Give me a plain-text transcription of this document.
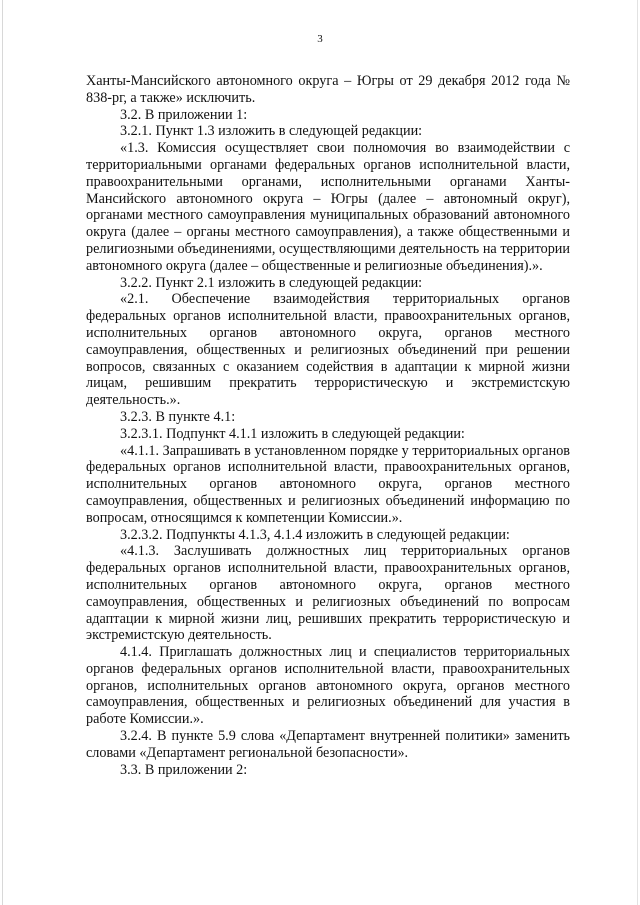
3

Ханты-Мансийского автономного округа – Югры от 29 декабря 2012 года № 838-рг, а также» исключить.

3.2. В приложении 1:

3.2.1. Пункт 1.3 изложить в следующей редакции:

«1.3. Комиссия осуществляет свои полномочия во взаимодействии с территориальными органами федеральных органов исполнительной власти, правоохранительными органами, исполнительными органами Ханты-Мансийского автономного округа – Югры (далее – автономный округ), органами местного самоуправления муниципальных образований автономного округа (далее – органы местного самоуправления), а также общественными и религиозными объединениями, осуществляющими деятельность на территории автономного округа (далее – общественные и религиозные объединения).».

3.2.2. Пункт 2.1 изложить в следующей редакции:

«2.1. Обеспечение взаимодействия территориальных органов федеральных органов исполнительной власти, правоохранительных органов, исполнительных органов автономного округа, органов местного самоуправления, общественных и религиозных объединений при решении вопросов, связанных с оказанием содействия в адаптации к мирной жизни лицам, решившим прекратить террористическую и экстремистскую деятельность.».

3.2.3. В пункте 4.1:

3.2.3.1. Подпункт 4.1.1 изложить в следующей редакции:

«4.1.1. Запрашивать в установленном порядке у территориальных органов федеральных органов исполнительной власти, правоохранительных органов, исполнительных органов автономного округа, органов местного самоуправления, общественных и религиозных объединений информацию по вопросам, относящимся к компетенции Комиссии.».

3.2.3.2. Подпункты 4.1.3, 4.1.4 изложить в следующей редакции:

«4.1.3. Заслушивать должностных лиц территориальных органов федеральных органов исполнительной власти, правоохранительных органов, исполнительных органов автономного округа, органов местного самоуправления, общественных и религиозных объединений по вопросам адаптации к мирной жизни лиц, решивших прекратить террористическую и экстремистскую деятельность.

4.1.4. Приглашать должностных лиц и специалистов территориальных органов федеральных органов исполнительной власти, правоохранительных органов, исполнительных органов автономного округа, органов местного самоуправления, общественных и религиозных объединений для участия в работе Комиссии.».

3.2.4. В пункте 5.9 слова «Департамент внутренней политики» заменить словами «Департамент региональной безопасности».

3.3. В приложении 2:
